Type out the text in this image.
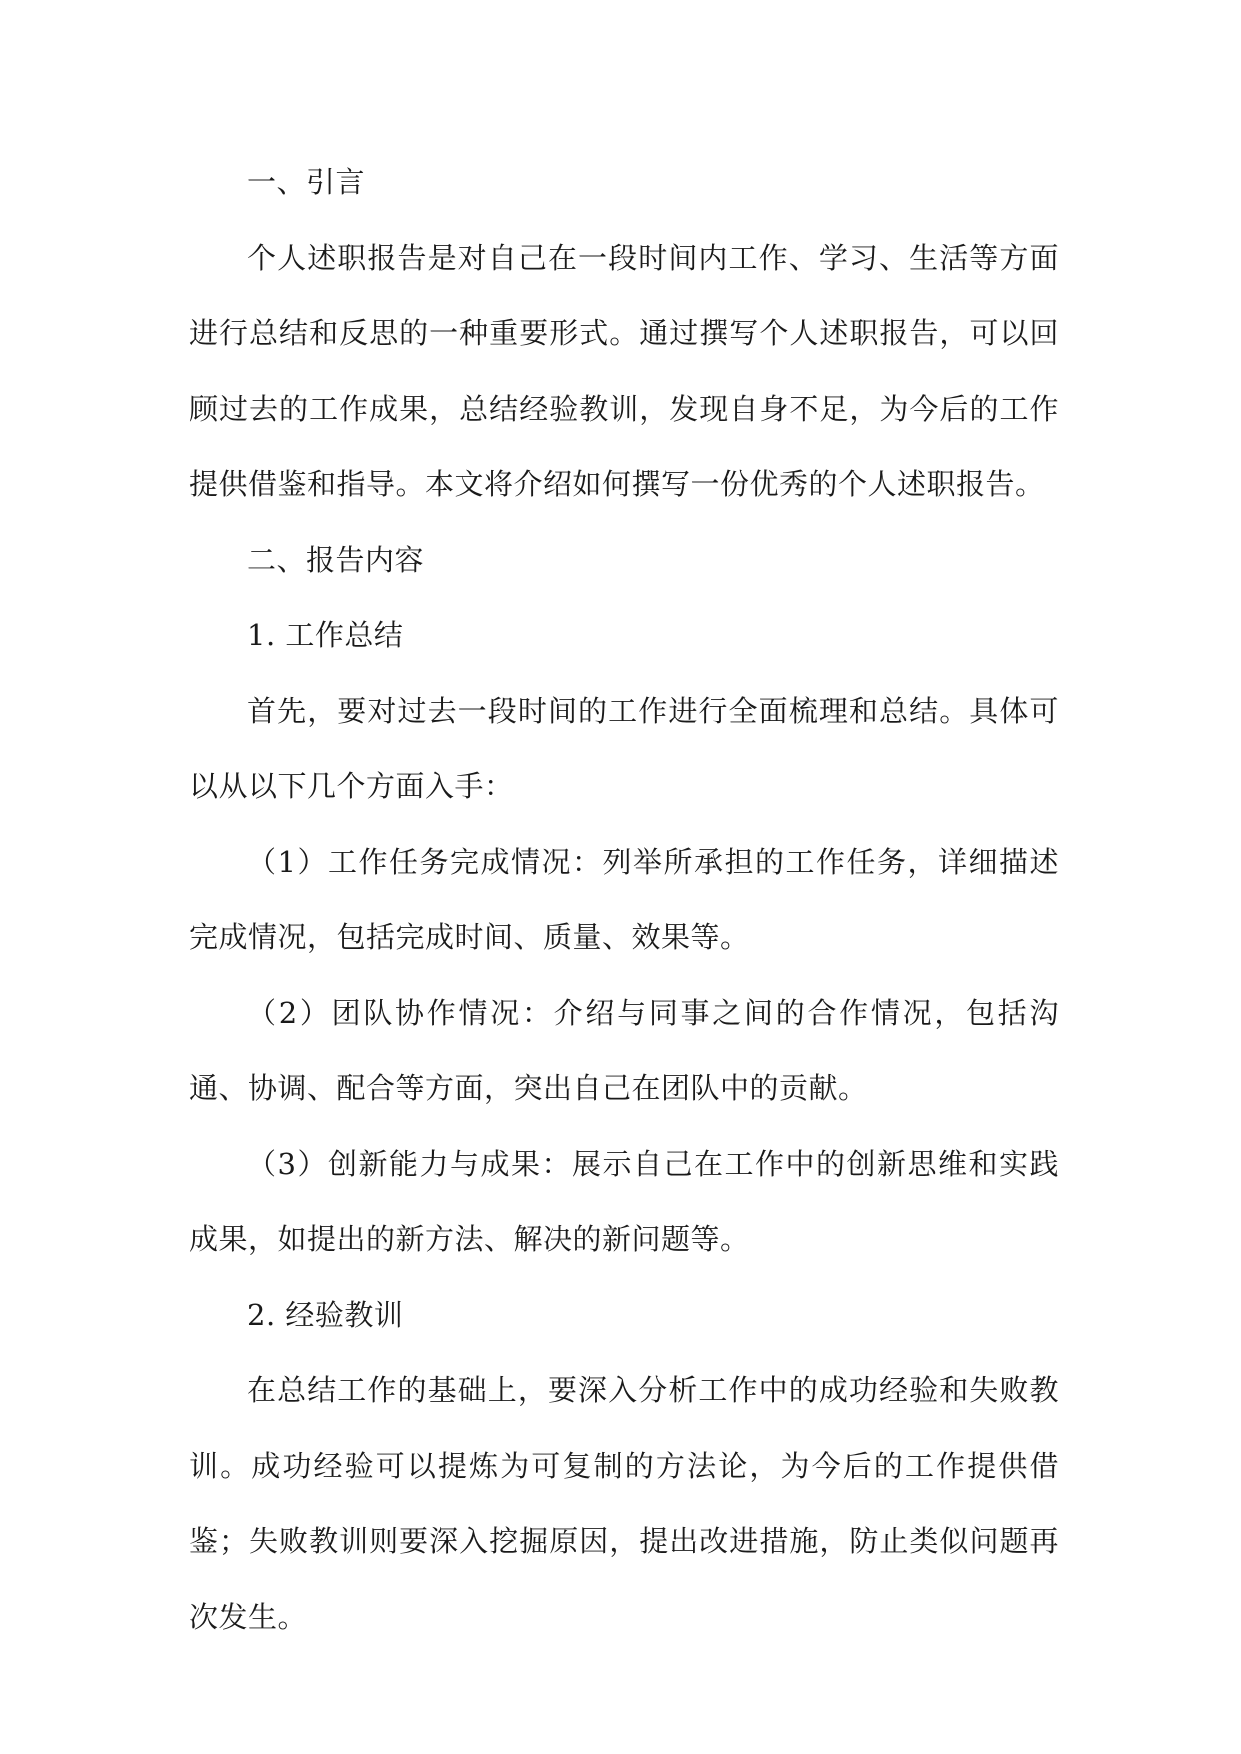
一、引言

个人述职报告是对自己在一段时间内工作、学习、生活等方面进行总结和反思的一种重要形式。通过撰写个人述职报告，可以回顾过去的工作成果，总结经验教训，发现自身不足，为今后的工作提供借鉴和指导。本文将介绍如何撰写一份优秀的个人述职报告。

二、报告内容

1. 工作总结

首先，要对过去一段时间的工作进行全面梳理和总结。具体可以从以下几个方面入手：

（1）工作任务完成情况：列举所承担的工作任务，详细描述完成情况，包括完成时间、质量、效果等。

（2）团队协作情况：介绍与同事之间的合作情况，包括沟通、协调、配合等方面，突出自己在团队中的贡献。

（3）创新能力与成果：展示自己在工作中的创新思维和实践成果，如提出的新方法、解决的新问题等。

2. 经验教训

在总结工作的基础上，要深入分析工作中的成功经验和失败教训。成功经验可以提炼为可复制的方法论，为今后的工作提供借鉴；失败教训则要深入挖掘原因，提出改进措施，防止类似问题再次发生。
